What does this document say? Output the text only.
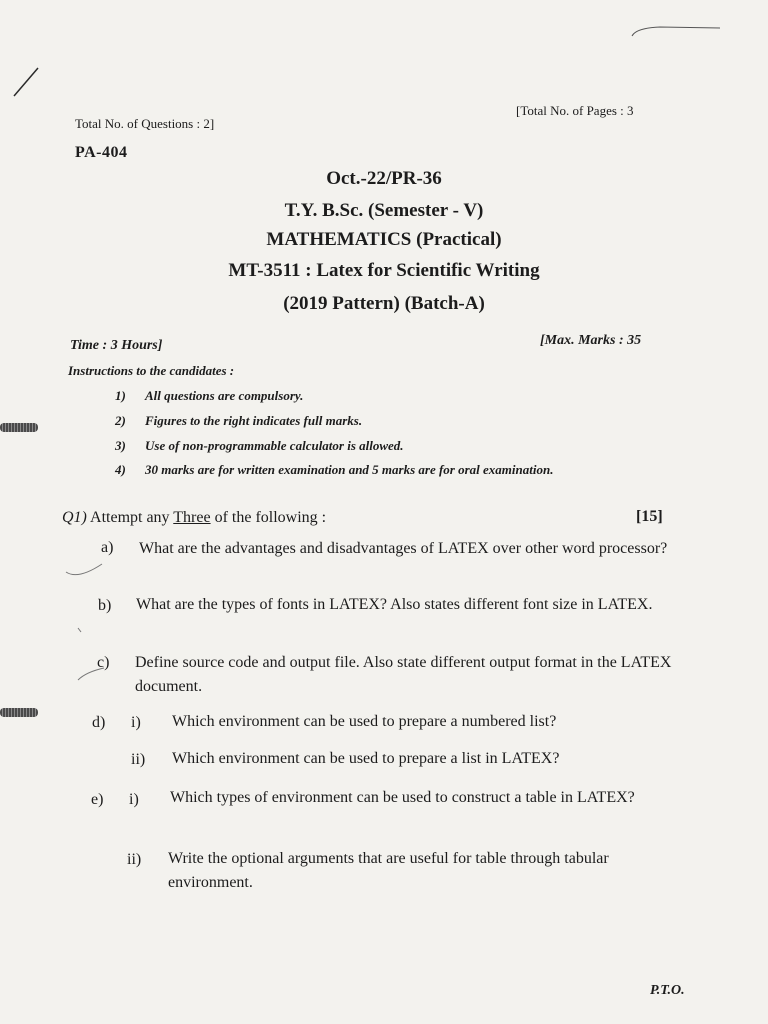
Total No. of Questions : 2]
[Total No. of Pages : 3
PA-404
Oct.-22/PR-36
T.Y. B.Sc. (Semester - V)
MATHEMATICS (Practical)
MT-3511 : Latex for Scientific Writing
(2019 Pattern) (Batch-A)
Time : 3 Hours]	[Max. Marks : 35
Instructions to the candidates :
1) All questions are compulsory.
2) Figures to the right indicates full marks.
3) Use of non-programmable calculator is allowed.
4) 30 marks are for written examination and 5 marks are for oral examination.
Q1) Attempt any Three of the following :	[15]
a) What are the advantages and disadvantages of LATEX over other word processor?
b) What are the types of fonts in LATEX? Also states different font size in LATEX.
c) Define source code and output file. Also state different output format in the LATEX document.
d) i) Which environment can be used to prepare a numbered list?
ii) Which environment can be used to prepare a list in LATEX?
e) i) Which types of environment can be used to construct a table in LATEX?
ii) Write the optional arguments that are useful for table through tabular environment.
P.T.O.
